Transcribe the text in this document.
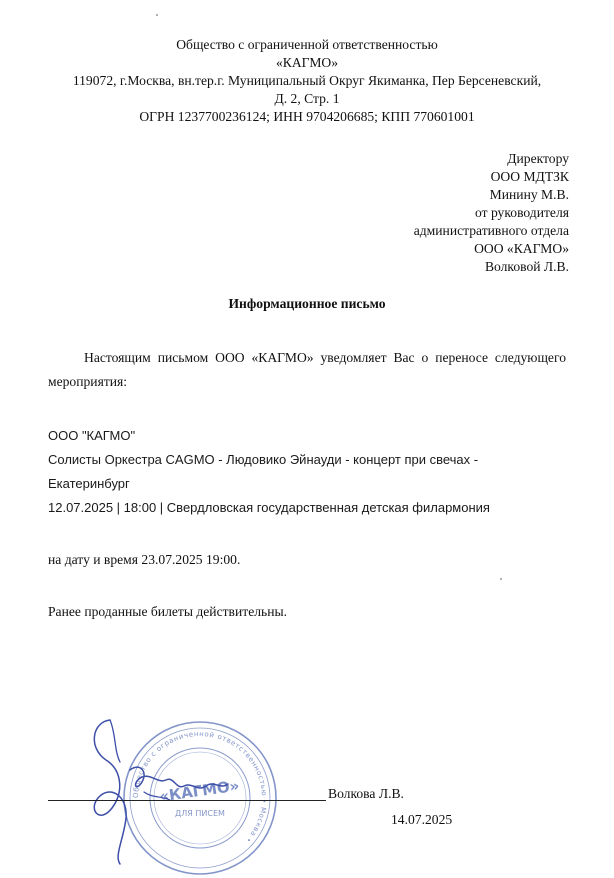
Общество с ограниченной ответственностью
«КАГМО»
119072, г.Москва, вн.тер.г. Муниципальный Округ Якиманка, Пер Берсеневский,
Д. 2, Стр. 1
ОГРН 1237700236124; ИНН 9704206685; КПП 770601001
Директору
ООО МДТЗК
Минину М.В.
от руководителя
административного отдела
ООО «КАГМО»
Волковой Л.В.
Информационное письмо
Настоящим письмом ООО «КАГМО» уведомляет Вас о переносе следующего мероприятия:
ООО "КАГМО"
Солисты Оркестра CAGMO - Людовико Эйнауди - концерт при свечах -
Екатеринбург
12.07.2025 | 18:00 | Свердловская государственная детская филармония
на дату и время 23.07.2025 19:00.
Ранее проданные билеты действительны.
Общество с ограниченной ответственностью • Москва •
«КАГМО»
ДЛЯ ПИСЕМ
Волкова Л.В.
14.07.2025
